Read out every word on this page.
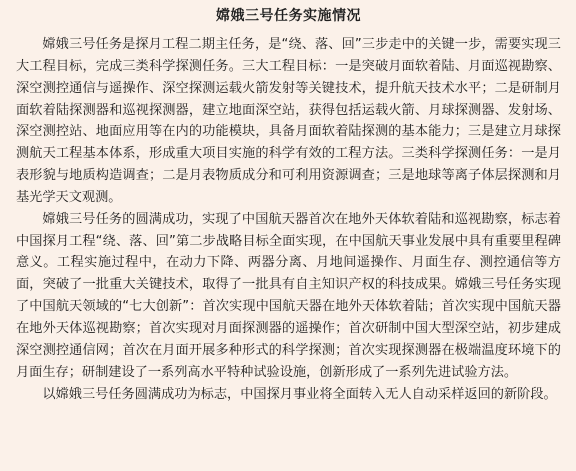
嫦娥三号任务实施情况

嫦娥三号任务是探月工程二期主任务，是“绕、落、回”三步走中的关键一步，需要实现三大工程目标，完成三类科学探测任务。三大工程目标：一是突破月面软着陆、月面巡视勘察、深空测控通信与遥操作、深空探测运载火箭发射等关键技术，提升航天技术水平；二是研制月面软着陆探测器和巡视探测器，建立地面深空站，获得包括运载火箭、月球探测器、发射场、深空测控站、地面应用等在内的功能模块，具备月面软着陆探测的基本能力；三是建立月球探测航天工程基本体系，形成重大项目实施的科学有效的工程方法。三类科学探测任务：一是月表形貌与地质构造调查；二是月表物质成分和可利用资源调查；三是地球等离子体层探测和月基光学天文观测。

嫦娥三号任务的圆满成功，实现了中国航天器首次在地外天体软着陆和巡视勘察，标志着中国探月工程“绕、落、回”第二步战略目标全面实现，在中国航天事业发展中具有重要里程碑意义。工程实施过程中，在动力下降、两器分离、月地间遥操作、月面生存、测控通信等方面，突破了一批重大关键技术，取得了一批具有自主知识产权的科技成果。嫦娥三号任务实现了中国航天领域的“七大创新”：首次实现中国航天器在地外天体软着陆；首次实现中国航天器在地外天体巡视勘察；首次实现对月面探测器的遥操作；首次研制中国大型深空站，初步建成深空测控通信网；首次在月面开展多种形式的科学探测；首次实现探测器在极端温度环境下的月面生存；研制建设了一系列高水平特种试验设施，创新形成了一系列先进试验方法。

以嫦娥三号任务圆满成功为标志，中国探月事业将全面转入无人自动采样返回的新阶段。
